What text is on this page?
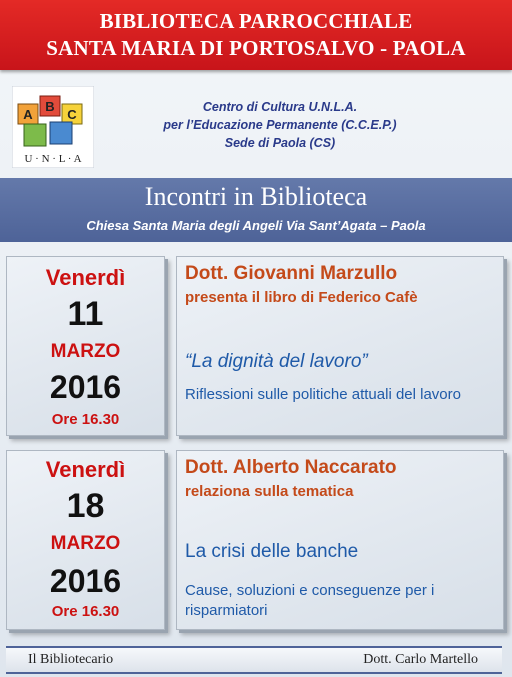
BIBLIOTECA PARROCCHIALE
SANTA MARIA DI PORTOSALVO - PAOLA
A
B
C
U · N · L · A
Centro di Cultura U.N.L.A.
per l’Educazione Permanente (C.C.E.P.)
Sede di Paola (CS)
Incontri in Biblioteca
Chiesa Santa Maria degli Angeli Via Sant’Agata – Paola
Venerdì
11
MARZO
2016
Ore 16.30
Dott. Giovanni Marzullo
presenta il libro di Federico Cafè
“La dignità del lavoro”
Riflessioni sulle politiche attuali del lavoro
Venerdì
18
MARZO
2016
Ore 16.30
Dott. Alberto Naccarato
relaziona sulla tematica
La crisi delle banche
Cause, soluzioni e conseguenze per i risparmiatori
Il Bibliotecario	Dott. Carlo Martello
